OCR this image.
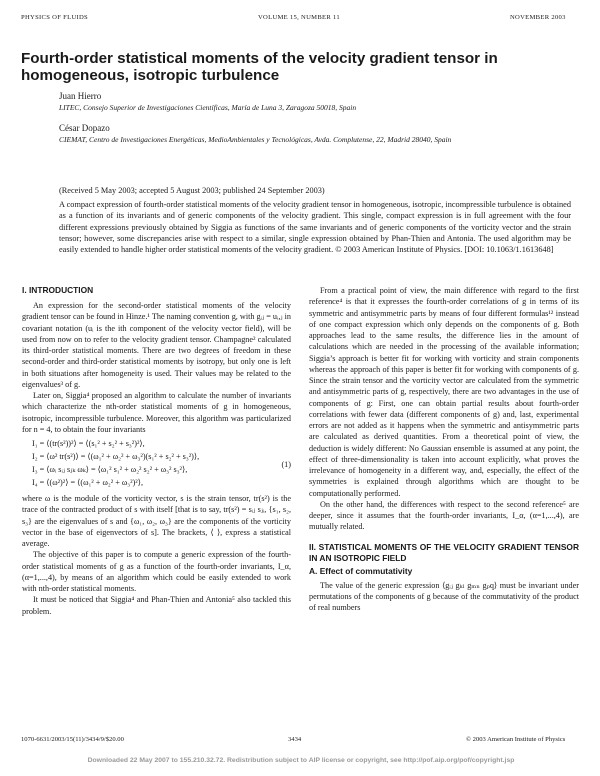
PHYSICS OF FLUIDS	VOLUME 15, NUMBER 11	NOVEMBER 2003
Fourth-order statistical moments of the velocity gradient tensor in homogeneous, isotropic turbulence
Juan Hierro
LITEC, Consejo Superior de Investigaciones Científicas, María de Luna 3, Zaragoza 50018, Spain
César Dopazo
CIEMAT, Centro de Investigaciones Energéticas, MedioAmbientales y Tecnológicas, Avda. Complutense, 22, Madrid 28040, Spain
(Received 5 May 2003; accepted 5 August 2003; published 24 September 2003)
A compact expression of fourth-order statistical moments of the velocity gradient tensor in homogeneous, isotropic, incompressible turbulence is obtained as a function of its invariants and of generic components of the velocity gradient. This single, compact expression is in full agreement with the four different expressions previously obtained by Siggia as functions of the same invariants and of generic components of the vorticity vector and the strain tensor; however, some discrepancies arise with respect to a similar, single expression obtained by Phan-Thien and Antonia. The used algorithm may be easily extended to handle higher order statistical moments of the velocity gradient. © 2003 American Institute of Physics. [DOI: 10.1063/1.1613648]
I. INTRODUCTION

An expression for the second-order statistical moments of the velocity gradient tensor can be found in Hinze.¹ The naming convention g, with gᵢⱼ = uᵢ,ⱼ in covariant notation (uᵢ is the ith component of the velocity vector field), will be used from now on to refer to the velocity gradient tensor. Champagne² calculated its third-order statistical moments. There are two degrees of freedom in these second-order and third-order statistical moments by isotropy, but only one is left in both situations after homogeneity is used. Their values may be related to the eigenvalues³ of g.

Later on, Siggia⁴ proposed an algorithm to calculate the number of invariants which characterize the nth-order statistical moments of g in homogeneous, isotropic, incompressible turbulence. Moreover, this algorithm was particularized for n = 4, to obtain the four invariants

I₁ = ⟨(tr(s²))²⟩ = ⟨(s₁² + s₂² + s₃²)²⟩,
I₂ = ⟨ω² tr(s²)⟩ = ⟨(ω₁² + ω₂² + ω₃²)(s₁² + s₂² + s₃²)⟩,
I₃ = ⟨ωᵢ sᵢⱼ sⱼₖ ωₖ⟩ = ⟨ω₁² s₁² + ω₂² s₂² + ω₃² s₃²⟩,
I₄ = ⟨(ω²)²⟩ = ⟨(ω₁² + ω₂² + ω₃²)²⟩,
(1)

where ω is the module of the vorticity vector, s is the strain tensor, tr(s²) is the trace of the contracted product of s with itself [that is to say, tr(s²) = sᵢⱼ sⱼᵢ, {s₁, s₂, s₃} are the eigenvalues of s and {ω₁, ω₂, ω₃} are the components of the vorticity vector in the base of eigenvectors of s]. The brackets, ⟨ ⟩, express a statistical average.

The objective of this paper is to compute a generic expression of the fourth-order statistical moments of g as a function of the fourth-order invariants, I_α, (α=1,...,4), by means of an algorithm which could be easily extended to work with nth-order statistical moments.

It must be noticed that Siggia⁴ and Phan-Thien and Antonia⁵ also tackled this problem.

From a practical point of view, the main difference with regard to the first reference⁴ is that it expresses the fourth-order correlations of g in terms of its symmetric and antisymmetric parts by means of four different formulas¹² instead of one compact expression which only depends on the components of g. Both approaches lead to the same results, the difference lies in the amount of calculations which are needed in the processing of the available information; Siggia’s approach is better fit for working with vorticity and strain components whereas the approach of this paper is better fit for working with components of g. Since the strain tensor and the vorticity vector are calculated from the symmetric and antisymmetric parts of g, respectively, there are two advantages in the use of components of g: First, one can obtain partial results about fourth-order correlations with fewer data (different components of g) and, last, experimental errors are not added as it happens when the symmetric and antisymmetric parts are calculated as derived quantities. From a theoretical point of view, the deduction is widely different: No Gaussian ensemble is assumed at any point, the effect of three-dimensionality is taken into account explicitly, what proves the irrelevance of homogeneity in a different way, and, especially, the effect of the symmetries is explained through algorithms which are thought to be computationally performed.

On the other hand, the differences with respect to the second reference⁵ are deeper, since it assumes that the fourth-order invariants, I_α, (α=1,...,4), are mutually related.

II. STATISTICAL MOMENTS OF THE VELOCITY GRADIENT TENSOR IN AN ISOTROPIC FIELD
A. Effect of commutativity

The value of the generic expression ⟨gᵢⱼ gₖₗ gₘₙ gₚq⟩ must be invariant under permutations of the components of g because of the commutativity of the product of real numbers

1070-6631/2003/15(11)/3434/9/$20.00	3434	© 2003 American Institute of Physics
Downloaded 22 May 2007 to 155.210.32.72. Redistribution subject to AIP license or copyright, see http://pof.aip.org/pof/copyright.jsp
